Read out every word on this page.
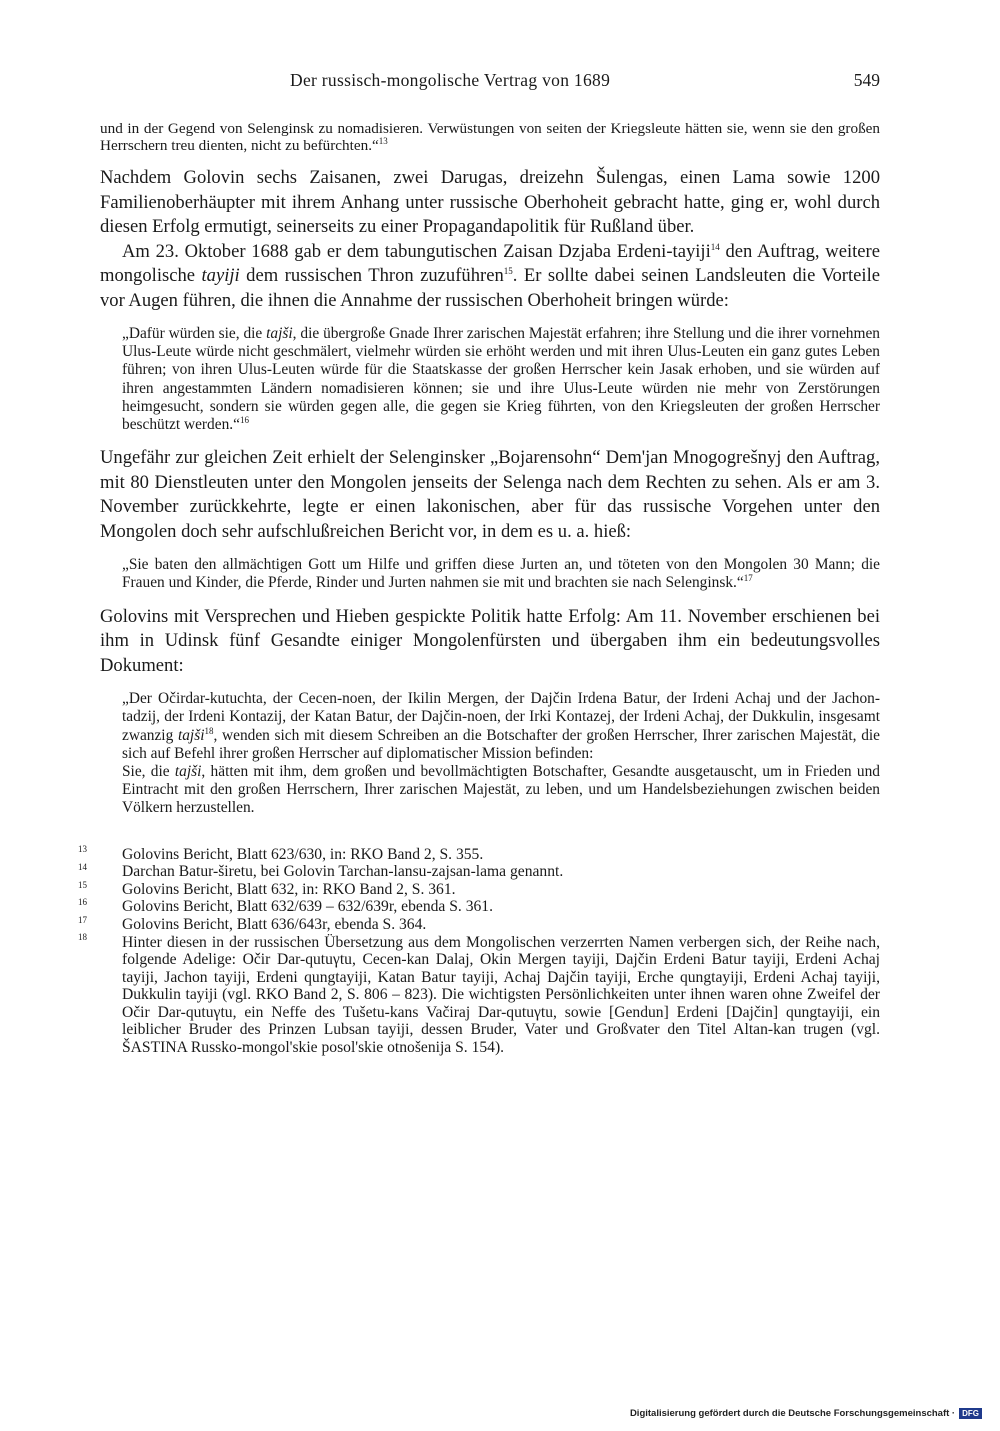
Der russisch-mongolische Vertrag von 1689	549

und in der Gegend von Selenginsk zu nomadisieren. Verwüstungen von seiten der Kriegsleute hätten sie, wenn sie den großen Herrschern treu dienten, nicht zu befürchten.“$^{13}$

Nachdem Golovin sechs Zaisanen, zwei Darugas, dreizehn Šulengas, einen Lama sowie 1200 Familienoberhäupter mit ihrem Anhang unter russische Oberhoheit gebracht hatte, ging er, wohl durch diesen Erfolg ermutigt, seinerseits zu einer Propagandapolitik für Rußland über.

Am 23. Oktober 1688 gab er dem tabungutischen Zaisan Dzjaba Erdeni-tayiji$^{14}$ den Auftrag, weitere mongolische tayiji dem russischen Thron zuzuführen$^{15}$. Er sollte dabei seinen Landsleuten die Vorteile vor Augen führen, die ihnen die Annahme der russischen Oberhoheit bringen würde:

„Dafür würden sie, die tajši, die übergroße Gnade Ihrer zarischen Majestät erfahren; ihre Stellung und die ihrer vornehmen Ulus-Leute würde nicht geschmälert, vielmehr würden sie erhöht werden und mit ihren Ulus-Leuten ein ganz gutes Leben führen; von ihren Ulus-Leuten würde für die Staatskasse der großen Herrscher kein Jasak erhoben, und sie würden auf ihren angestammten Ländern nomadisieren können; sie und ihre Ulus-Leute würden nie mehr von Zerstörungen heimgesucht, sondern sie würden gegen alle, die gegen sie Krieg führten, von den Kriegsleuten der großen Herrscher beschützt werden.“$^{16}$

Ungefähr zur gleichen Zeit erhielt der Selenginsker „Bojarensohn“ Dem'jan Mnogogrešnyj den Auftrag, mit 80 Dienstleuten unter den Mongolen jenseits der Selenga nach dem Rechten zu sehen. Als er am 3. November zurückkehrte, legte er einen lakonischen, aber für das russische Vorgehen unter den Mongolen doch sehr aufschlußreichen Bericht vor, in dem es u. a. hieß:

„Sie baten den allmächtigen Gott um Hilfe und griffen diese Jurten an, und töteten von den Mongolen 30 Mann; die Frauen und Kinder, die Pferde, Rinder und Jurten nahmen sie mit und brachten sie nach Selenginsk.“$^{17}$

Golovins mit Versprechen und Hieben gespickte Politik hatte Erfolg: Am 11. November erschienen bei ihm in Udinsk fünf Gesandte einiger Mongolenfürsten und übergaben ihm ein bedeutungsvolles Dokument:

„Der Očirdar-kutuchta, der Cecen-noen, der Ikilin Mergen, der Dajčin Irdena Batur, der Irdeni Achaj und der Jachon-tadzij, der Irdeni Kontazij, der Katan Batur, der Dajčin-noen, der Irki Kontazej, der Irdeni Achaj, der Dukkulin, insgesamt zwanzig tajši$^{18}$, wenden sich mit diesem Schreiben an die Botschafter der großen Herrscher, Ihrer zarischen Majestät, die sich auf Befehl ihrer großen Herrscher auf diplomatischer Mission befinden:

Sie, die tajši, hätten mit ihm, dem großen und bevollmächtigten Botschafter, Gesandte ausgetauscht, um in Frieden und Eintracht mit den großen Herrschern, Ihrer zarischen Majestät, zu leben, und um Handelsbeziehungen zwischen beiden Völkern herzustellen.

13 Golovins Bericht, Blatt 623/630, in: RKO Band 2, S. 355.

14 Darchan Batur-širetu, bei Golovin Tarchan-lansu-zajsan-lama genannt.

15 Golovins Bericht, Blatt 632, in: RKO Band 2, S. 361.

16 Golovins Bericht, Blatt 632/639 – 632/639r, ebenda S. 361.

17 Golovins Bericht, Blatt 636/643r, ebenda S. 364.

18 Hinter diesen in der russischen Übersetzung aus dem Mongolischen verzerrten Namen verbergen sich, der Reihe nach, folgende Adelige: Očir Dar-qutuγtu, Cecen-kan Dalaj, Okin Mergen tayiji, Dajčin Erdeni Batur tayiji, Erdeni Achaj tayiji, Jachon tayiji, Erdeni qungtayiji, Katan Batur tayiji, Achaj Dajčin tayiji, Erche qungtayiji, Erdeni Achaj tayiji, Dukkulin tayiji (vgl. RKO Band 2, S. 806 – 823). Die wichtigsten Persönlichkeiten unter ihnen waren ohne Zweifel der Očir Dar-qutuγtu, ein Neffe des Tušetu-kans Vačiraj Dar-qutuγtu, sowie [Gendun] Erdeni [Dajčin] qungtayiji, ein leiblicher Bruder des Prinzen Lubsan tayiji, dessen Bruder, Vater und Großvater den Titel Altan-kan trugen (vgl. ŠASTINA Russko-mongol'skie posol'skie otnošenija S. 154).

Digitalisierung gefördert durch die Deutsche Forschungsgemeinschaft · DFG
